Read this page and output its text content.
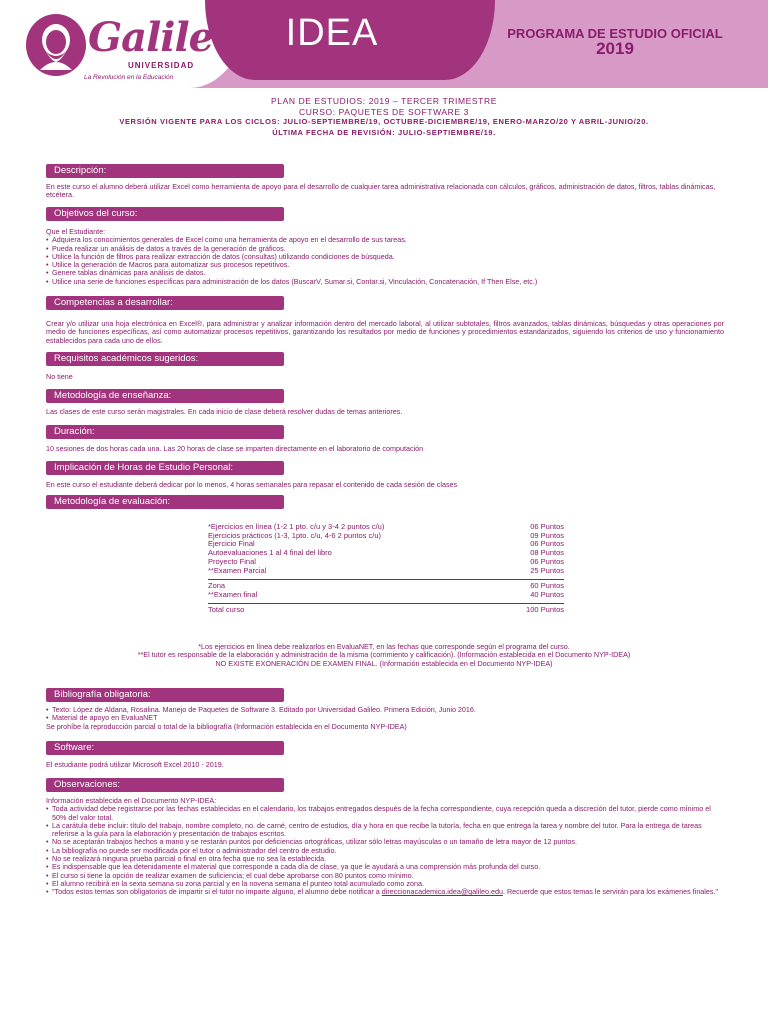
Galileo
UNIVERSIDAD
La Revolución en la Educación
IDEA	PROGRAMA DE ESTUDIO OFICIAL
2019
PLAN DE ESTUDIOS: 2019 – TERCER TRIMESTRE
CURSO: PAQUETES DE SOFTWARE 3
VERSIÓN VIGENTE PARA LOS CICLOS: JULIO-SEPTIEMBRE/19, OCTUBRE-DICIEMBRE/19, ENERO-MARZO/20 Y ABRIL-JUNIO/20.
ÚLTIMA FECHA DE REVISIÓN: JULIO-SEPTIEMBRE/19.
Descripción:

En este curso el alumno deberá utilizar Excel como herramienta de apoyo para el desarrollo de cualquier tarea administrativa relacionada con cálculos, gráficos, administración de datos, filtros, tablas dinámicas, etcétera.

Objetivos del curso:

Que el Estudiante:

• Adquiera los conocimientos generales de Excel como una herramienta de apoyo en el desarrollo de sus tareas.
• Pueda realizar un análisis de datos a través de la generación de gráficos.
• Utilice la función de filtros para realizar extracción de datos (consultas) utilizando condiciones de búsqueda.
• Utilice la generación de Macros para automatizar sus procesos repetitivos.
• Genere tablas dinámicas para análisis de datos.
• Utilice una serie de funciones específicas para administración de los datos (BuscarV, Sumar.si, Contar.si, Vinculación, Concatenación, If Then Else, etc.)
Competencias a desarrollar:

Crear y/o utilizar una hoja electrónica en Excel®, para administrar y analizar información dentro del mercado laboral, al utilizar subtotales, filtros avanzados, tablas dinámicas, búsquedas y otras operaciones por medio de funciones específicas, así como automatizar procesos repetitivos, garantizando los resultados por medio de funciones y procedimientos estandarizados, siguiendo los criterios de uso y funcionamiento establecidos para cada uno de ellos.

Requisitos académicos sugeridos:

No tiene

Metodología de enseñanza:

Las clases de este curso serán magistrales. En cada inicio de clase deberá resolver dudas de temas anteriores.

Duración:

10 sesiones de dos horas cada una. Las 20 horas de clase se imparten directamente en el laboratorio de computación

Implicación de Horas de Estudio Personal:

En este curso el estudiante deberá dedicar por lo menos, 4 horas semanales para repasar el contenido de cada sesión de clases

Metodología de evaluación:
*Ejercicios en línea (1-2 1 pto. c/u y 3-4 2 puntos c/u)	06 Puntos
Ejercicios prácticos (1-3, 1pto. c/u, 4-6 2 puntos c/u)	09 Puntos
Ejercicio Final	06 Puntos
Autoevaluaciones 1 al 4 final del libro	08 Puntos
Proyecto Final	06 Puntos
**Examen Parcial	25 Puntos
Zona	60 Puntos
**Examen final	40 Puntos
Total curso	100 Puntos
*Los ejercicios en línea debe realizarlos en EvaluaNET, en las fechas que corresponde según el programa del curso.
**El tutor es responsable de la elaboración y administración de la misma (corrimiento y calificación). (Información establecida en el Documento NYP-IDEA)
NO EXISTE EXONERACIÓN DE EXAMEN FINAL. (Información establecida en el Documento NYP-IDEA)
Bibliografía obligatoria:
• Texto: López de Aldana, Rosalina. Manejo de Paquetes de Software 3. Editado por Universidad Galileo. Primera Edición, Junio 2016.
• Material de apoyo en EvaluaNET

Se prohíbe la reproducción parcial o total de la bibliografía (Información establecida en el Documento NYP-IDEA)

Software:

El estudiante podrá utilizar Microsoft Excel 2010 - 2019.

Observaciones:

Información establecida en el Documento NYP-IDEA:

• Toda actividad debe registrarse por las fechas establecidas en el calendario, los trabajos entregados después de la fecha correspondiente, cuya recepción queda a discreción del tutor, pierde como mínimo el 50% del valor total.
• La carátula debe incluir: título del trabajo, nombre completo, no. de carné, centro de estudios, día y hora en que recibe la tutoría, fecha en que entrega la tarea y nombre del tutor. Para la entrega de tareas referirse a la guía para la elaboración y presentación de trabajos escritos.
• No se aceptarán trabajos hechos a mano y se restarán puntos por deficiencias ortográficas, utilizar sólo letras mayúsculas o un tamaño de letra mayor de 12 puntos.
• La bibliografía no puede ser modificada por el tutor o administrador del centro de estudio.
• No se realizará ninguna prueba parcial o final en otra fecha que no sea la establecida.
• Es indispensable que lea detenidamente el material que corresponde a cada día de clase, ya que le ayudará a una comprensión más profunda del curso.
• El curso si tiene la opción de realizar examen de suficiencia; el cual debe aprobarse con 80 puntos como mínimo.
• El alumno recibirá en la sexta semana su zona parcial y en la novena semana el punteo total acumulado como zona.
• "Todos estos temas son obligatorios de impartir si el tutor no imparte alguno, el alumno debe notificar a direccionacademica.idea@galileo.edu. Recuerde que estos temas le servirán para los exámenes finales."
